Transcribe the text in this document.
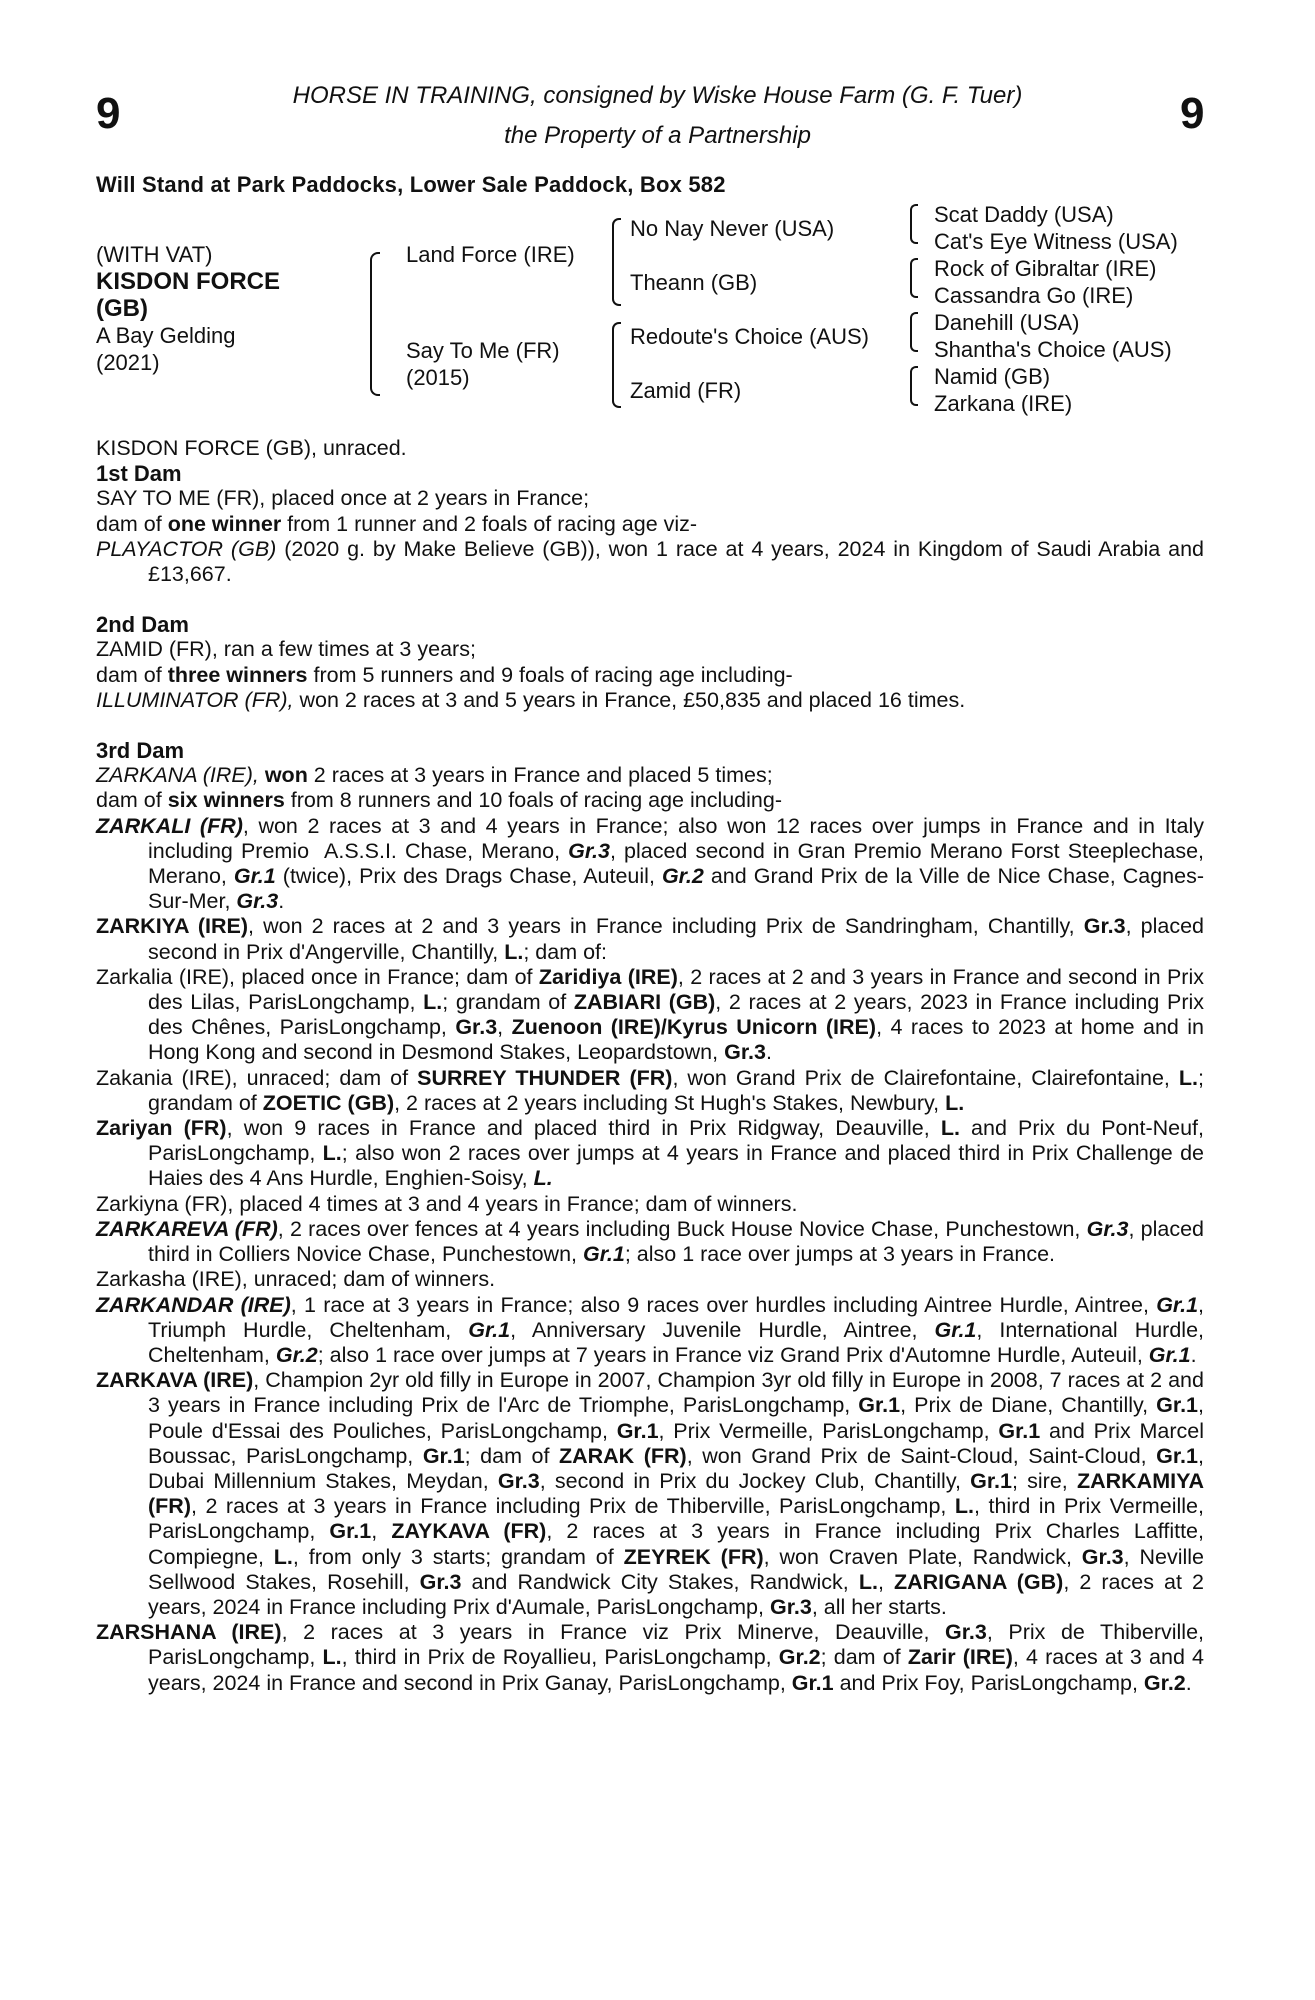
9	9
HORSE IN TRAINING, consigned by Wiske House Farm (G. F. Tuer)
the Property of a Partnership
Will Stand at Park Paddocks, Lower Sale Paddock, Box 582
(WITH VAT)
KISDON FORCE
(GB)
A Bay Gelding
(2021)
Land Force (IRE)
Say To Me (FR)
(2015)
No Nay Never (USA)
Theann (GB)
Redoute's Choice (AUS)
Zamid (FR)
Scat Daddy (USA)
Cat's Eye Witness (USA)
Rock of Gibraltar (IRE)
Cassandra Go (IRE)
Danehill (USA)
Shantha's Choice (AUS)
Namid (GB)
Zarkana (IRE)

KISDON FORCE (GB), unraced.

1st Dam

SAY TO ME (FR), placed once at 2 years in France;

dam of one winner from 1 runner and 2 foals of racing age viz-

PLAYACTOR (GB) (2020 g. by Make Believe (GB)), won 1 race at 4 years, 2024 in Kingdom of Saudi Arabia and £13,667.

2nd Dam

ZAMID (FR), ran a few times at 3 years;

dam of three winners from 5 runners and 9 foals of racing age including-

ILLUMINATOR (FR), won 2 races at 3 and 5 years in France, £50,835 and placed 16 times.

3rd Dam

ZARKANA (IRE), won 2 races at 3 years in France and placed 5 times;

dam of six winners from 8 runners and 10 foals of racing age including-

ZARKALI (FR), won 2 races at 3 and 4 years in France; also won 12 races over jumps in France and in Italy including Premio  A.S.S.I. Chase, Merano, Gr.3, placed second in Gran Premio Merano Forst Steeplechase, Merano, Gr.1 (twice), Prix des Drags Chase, Auteuil, Gr.2 and Grand Prix de la Ville de Nice Chase, Cagnes-Sur-Mer, Gr.3.

ZARKIYA (IRE), won 2 races at 2 and 3 years in France including Prix de Sandringham, Chantilly, Gr.3, placed second in Prix d'Angerville, Chantilly, L.; dam of:

Zarkalia (IRE), placed once in France; dam of Zaridiya (IRE), 2 races at 2 and 3 years in France and second in Prix des Lilas, ParisLongchamp, L.; grandam of ZABIARI (GB), 2 races at 2 years, 2023 in France including Prix des Chênes, ParisLongchamp, Gr.3, Zuenoon (IRE)/Kyrus Unicorn (IRE), 4 races to 2023 at home and in Hong Kong and second in Desmond Stakes, Leopardstown, Gr.3.

Zakania (IRE), unraced; dam of SURREY THUNDER (FR), won Grand Prix de Clairefontaine, Clairefontaine, L.; grandam of ZOETIC (GB), 2 races at 2 years including St Hugh's Stakes, Newbury, L.

Zariyan (FR), won 9 races in France and placed third in Prix Ridgway, Deauville, L. and Prix du Pont-Neuf, ParisLongchamp, L.; also won 2 races over jumps at 4 years in France and placed third in Prix Challenge de Haies des 4 Ans Hurdle, Enghien-Soisy, L.

Zarkiyna (FR), placed 4 times at 3 and 4 years in France; dam of winners.

ZARKAREVA (FR), 2 races over fences at 4 years including Buck House Novice Chase, Punchestown, Gr.3, placed third in Colliers Novice Chase, Punchestown, Gr.1; also 1 race over jumps at 3 years in France.

Zarkasha (IRE), unraced; dam of winners.

ZARKANDAR (IRE), 1 race at 3 years in France; also 9 races over hurdles including Aintree Hurdle, Aintree, Gr.1, Triumph Hurdle, Cheltenham, Gr.1, Anniversary Juvenile Hurdle, Aintree, Gr.1, International Hurdle, Cheltenham, Gr.2; also 1 race over jumps at 7 years in France viz Grand Prix d'Automne Hurdle, Auteuil, Gr.1.

ZARKAVA (IRE), Champion 2yr old filly in Europe in 2007, Champion 3yr old filly in Europe in 2008, 7 races at 2 and 3 years in France including Prix de l'Arc de Triomphe, ParisLongchamp, Gr.1, Prix de Diane, Chantilly, Gr.1, Poule d'Essai des Pouliches, ParisLongchamp, Gr.1, Prix Vermeille, ParisLongchamp, Gr.1 and Prix Marcel Boussac, ParisLongchamp, Gr.1; dam of ZARAK (FR), won Grand Prix de Saint-Cloud, Saint-Cloud, Gr.1, Dubai Millennium Stakes, Meydan, Gr.3, second in Prix du Jockey Club, Chantilly, Gr.1; sire, ZARKAMIYA (FR), 2 races at 3 years in France including Prix de Thiberville, ParisLongchamp, L., third in Prix Vermeille, ParisLongchamp, Gr.1, ZAYKAVA (FR), 2 races at 3 years in France including Prix Charles Laffitte, Compiegne, L., from only 3 starts; grandam of ZEYREK (FR), won Craven Plate, Randwick, Gr.3, Neville Sellwood Stakes, Rosehill, Gr.3 and Randwick City Stakes, Randwick, L., ZARIGANA (GB), 2 races at 2 years, 2024 in France including Prix d'Aumale, ParisLongchamp, Gr.3, all her starts.

ZARSHANA (IRE), 2 races at 3 years in France viz Prix Minerve, Deauville, Gr.3, Prix de Thiberville, ParisLongchamp, L., third in Prix de Royallieu, ParisLongchamp, Gr.2; dam of Zarir (IRE), 4 races at 3 and 4 years, 2024 in France and second in Prix Ganay, ParisLongchamp, Gr.1 and Prix Foy, ParisLongchamp, Gr.2.
